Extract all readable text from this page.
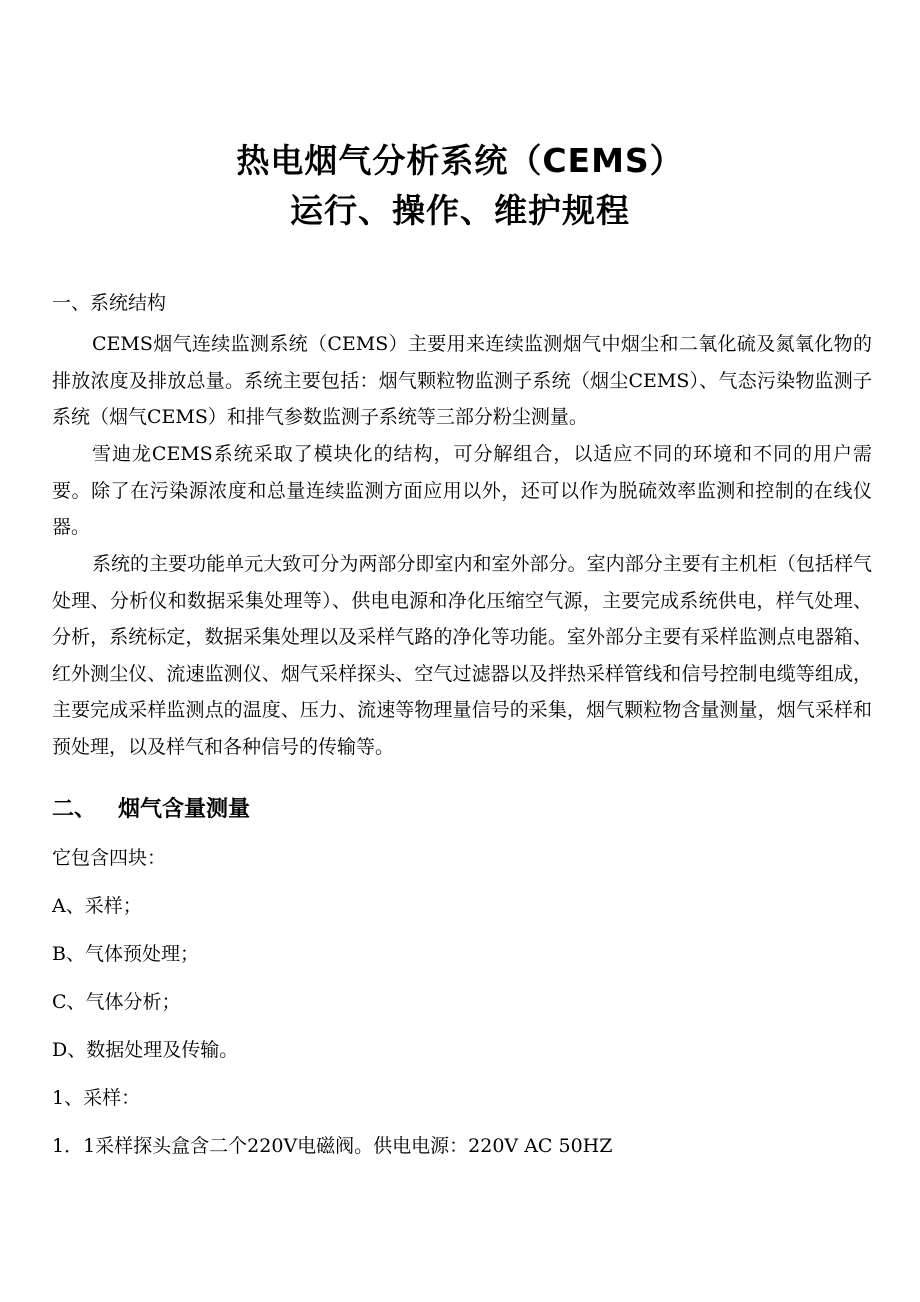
热电烟气分析系统（CEMS）
运行、操作、维护规程
一、系统结构
CEMS烟气连续监测系统（CEMS）主要用来连续监测烟气中烟尘和二氧化硫及氮氧化物的排放浓度及排放总量。系统主要包括：烟气颗粒物监测子系统（烟尘CEMS）、气态污染物监测子系统（烟气CEMS）和排气参数监测子系统等三部分粉尘测量。
雪迪龙CEMS系统采取了模块化的结构，可分解组合，以适应不同的环境和不同的用户需要。除了在污染源浓度和总量连续监测方面应用以外，还可以作为脱硫效率监测和控制的在线仪器。
系统的主要功能单元大致可分为两部分即室内和室外部分。室内部分主要有主机柜（包括样气处理、分析仪和数据采集处理等）、供电电源和净化压缩空气源，主要完成系统供电，样气处理、分析，系统标定，数据采集处理以及采样气路的净化等功能。室外部分主要有采样监测点电器箱、红外测尘仪、流速监测仪、烟气采样探头、空气过滤器以及拌热采样管线和信号控制电缆等组成，主要完成采样监测点的温度、压力、流速等物理量信号的采集，烟气颗粒物含量测量，烟气采样和预处理，以及样气和各种信号的传输等。
二、 烟气含量测量
它包含四块：
A、采样；
B、气体预处理；
C、气体分析；
D、数据处理及传输。
1、采样：
1．1采样探头盒含二个220V电磁阀。供电电源：220V AC 50HZ
